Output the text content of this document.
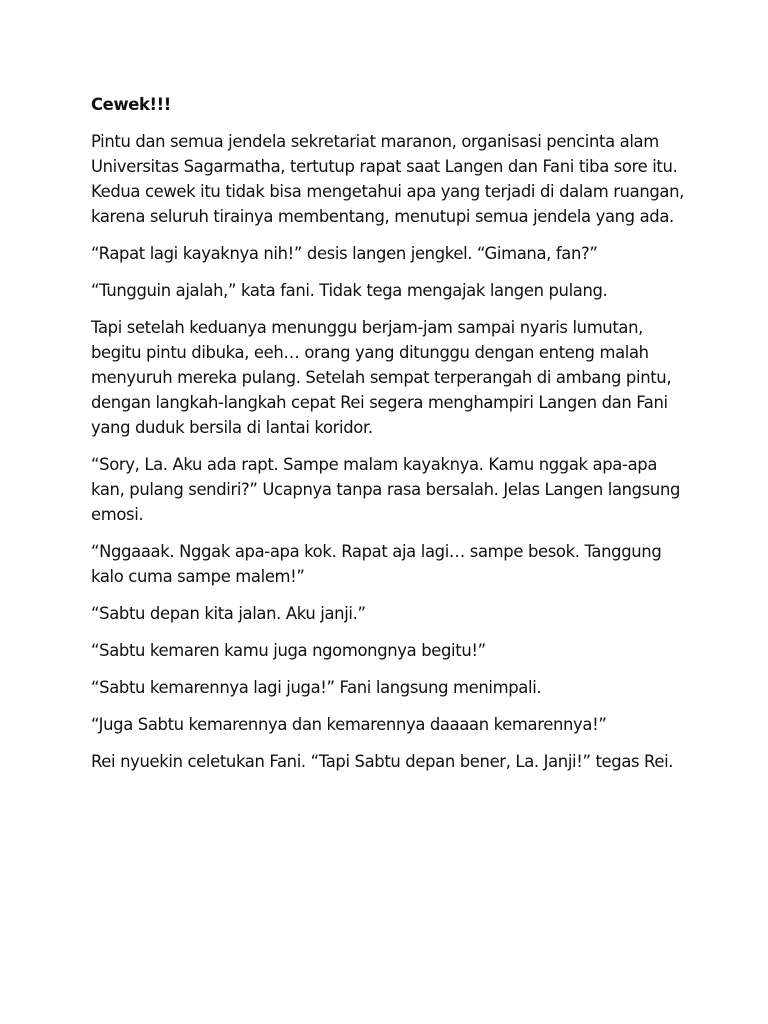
Cewek!!!

Pintu dan semua jendela sekretariat maranon, organisasi pencinta alam Universitas Sagarmatha, tertutup rapat saat Langen dan Fani tiba sore itu. Kedua cewek itu tidak bisa mengetahui apa yang terjadi di dalam ruangan, karena seluruh tirainya membentang, menutupi semua jendela yang ada.

“Rapat lagi kayaknya nih!” desis langen jengkel. “Gimana, fan?”

“Tungguin ajalah,” kata fani. Tidak tega mengajak langen pulang.

Tapi setelah keduanya menunggu berjam-jam sampai nyaris lumutan, begitu pintu dibuka, eeh… orang yang ditunggu dengan enteng malah menyuruh mereka pulang. Setelah sempat terperangah di ambang pintu, dengan langkah-langkah cepat Rei segera menghampiri Langen dan Fani yang duduk bersila di lantai koridor.

“Sory, La. Aku ada rapt. Sampe malam kayaknya. Kamu nggak apa-apa kan, pulang sendiri?” Ucapnya tanpa rasa bersalah. Jelas Langen langsung emosi.

“Nggaaak. Nggak apa-apa kok. Rapat aja lagi… sampe besok. Tanggung kalo cuma sampe malem!”

“Sabtu depan kita jalan. Aku janji.”

“Sabtu kemaren kamu juga ngomongnya begitu!”

“Sabtu kemarennya lagi juga!” Fani langsung menimpali.

“Juga Sabtu kemarennya dan kemarennya daaaan kemarennya!”

Rei nyuekin celetukan Fani. “Tapi Sabtu depan bener, La. Janji!” tegas Rei.
